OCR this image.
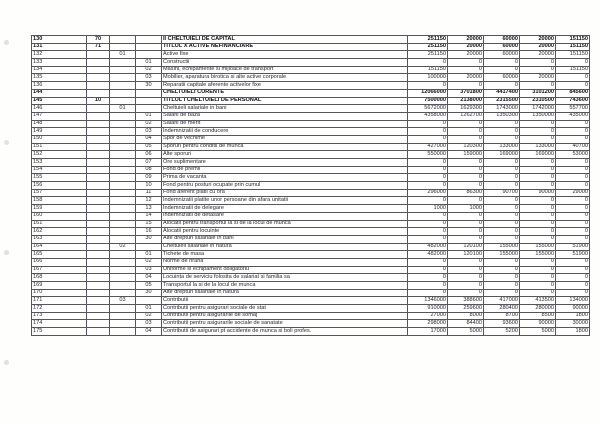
130	70			II CHELTUIELI DE CAPITAL	251150	20000	60000	20000	151150
131	71			TITLUL X ACTIVE NEFINANCIARE	251150	20000	60000	20000	151150
132		01		Active fixe	251150	20000	60000	20000	151150
133			01	Constructii	0	0	0	0	0
134			02	Masini, echipamente si mijloace de transport	151150	0	0	0	151150
135			03	Mobilier, aparatura birotica si alte active corporale	100000	20000	60000	20000	0
136			30	Reparatii capitale aferente activelor fixe	0	0	0	0	0
144				CHELTUIELI CURENTE	12066000	3701800	4417400	3101200	845600
145	10			TITLUL I CHELTUIELI DE PERSONAL	7500000	2138000	2315500	2310500	743600
146		01		Cheltuieli salariale in bani	5672000	1629300	1743000	1742000	557700
147			01	Salarii de baza	4358000	1262700	1350300	1350000	435000
148			02	Salarii de merit	0	0	0	0	0
149			03	Indemnizatii de conducere	0	0	0	0	0
150			04	Spor de vechime	0	0	0	0	0
151			05	Sporuri pentru conditii de munca	427000	120300	133000	133000	40700
152			06	Alte sporuri	550000	159000	169000	169000	53000
153			07	Ore suplimentare	0	0	0	0	0
154			08	Fond de premii	0	0	0	0	0
155			09	Prima de vacanta	0	0	0	0	0
156			10	Fond pentru posturi ocupate prin cumul	0	0	0	0	0
157			11	Fond aferent platii cu ora	296000	86300	90700	90000	29000
158			12	Indemnizatii platite unor persoane din afara unitatii	0	0	0	0	0
159			13	Indemnizatii de delegare	1000	1000	0	0	0
160			14	Indemnizatii de detasare	0	0	0	0	0
161			15	Alocatii pentru transportul la si de la locul de munca	0	0	0	0	0
162			16	Alocatii pentru locuinte	0	0	0	0	0
163			30	Alte drepturi salariale in bani	0	0	0	0	0
164		02		Cheltuieli salariale in natura	482000	120100	155000	155000	51900
165			01	Tichete de masa	482000	120100	155000	155000	51900
166			02	Norme de hrana	0	0	0	0	0
167			03	Uniforme si echipament obligatoriu	0	0	0	0	0
168			04	Locuinta de serviciu folosita de salariat si familia sa	0	0	0	0	0
169			05	Transportul la si de la locul de munca	0	0	0	0	0
170			30	Alte drepturi salariale in natura	0	0	0	0	0
171		03		Contributii	1346000	388600	417000	413500	134000
172			01	Contributii pentru asigurari sociale de stat	910000	259600	280400	280000	90000
173			02	Contributii pentru asigurarile de somaj	27000	8000	8700	8500	1800
174			03	Contributii pentru asigurarile sociale de sanatate	298000	84400	93600	90000	30000
175			04	Contributii de asigurari pt accidente de munca si boli profes.	17000	5000	5200	5000	1800
